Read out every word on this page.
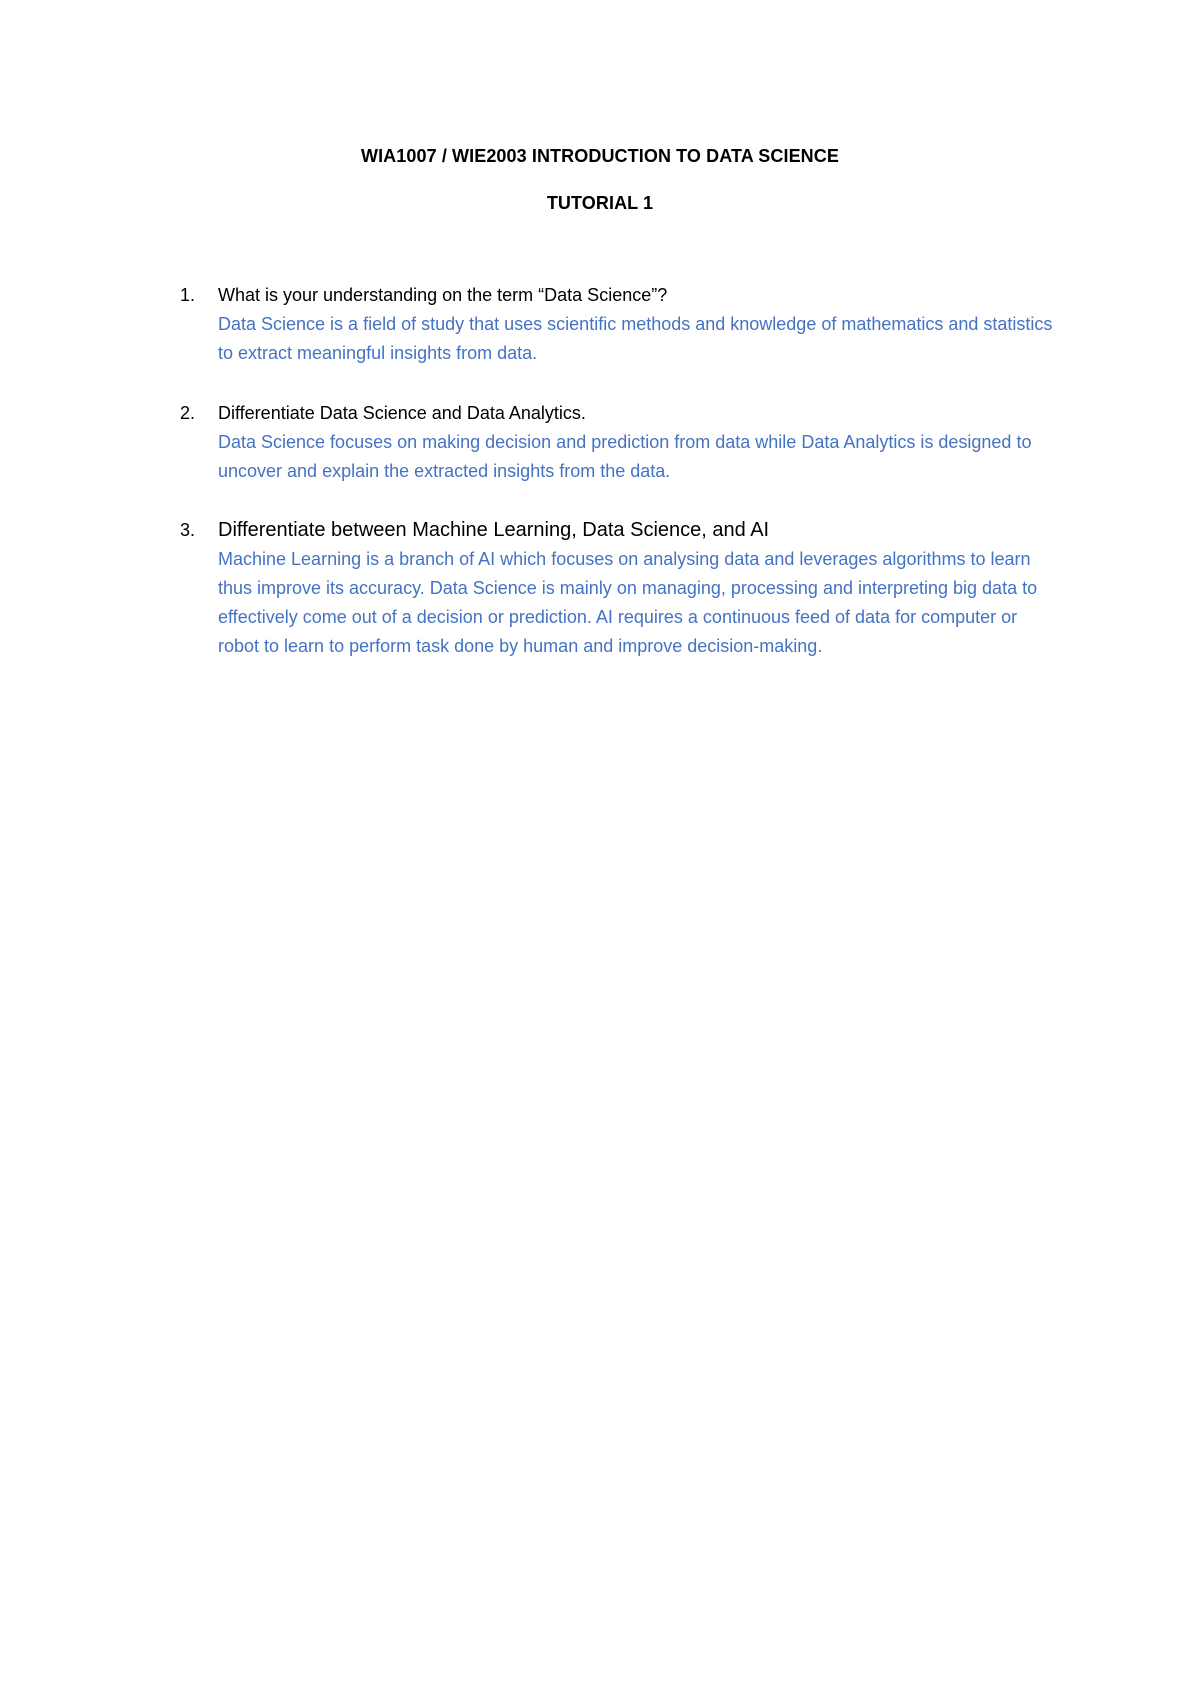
WIA1007 / WIE2003 INTRODUCTION TO DATA SCIENCE
TUTORIAL 1
1. What is your understanding on the term “Data Science”?
Data Science is a field of study that uses scientific methods and knowledge of mathematics and statistics to extract meaningful insights from data.
2. Differentiate Data Science and Data Analytics.
Data Science focuses on making decision and prediction from data while Data Analytics is designed to uncover and explain the extracted insights from the data.
3. Differentiate between Machine Learning, Data Science, and AI
Machine Learning is a branch of AI which focuses on analysing data and leverages algorithms to learn thus improve its accuracy. Data Science is mainly on managing, processing and interpreting big data to effectively come out of a decision or prediction. AI requires a continuous feed of data for computer or robot to learn to perform task done by human and improve decision-making.
